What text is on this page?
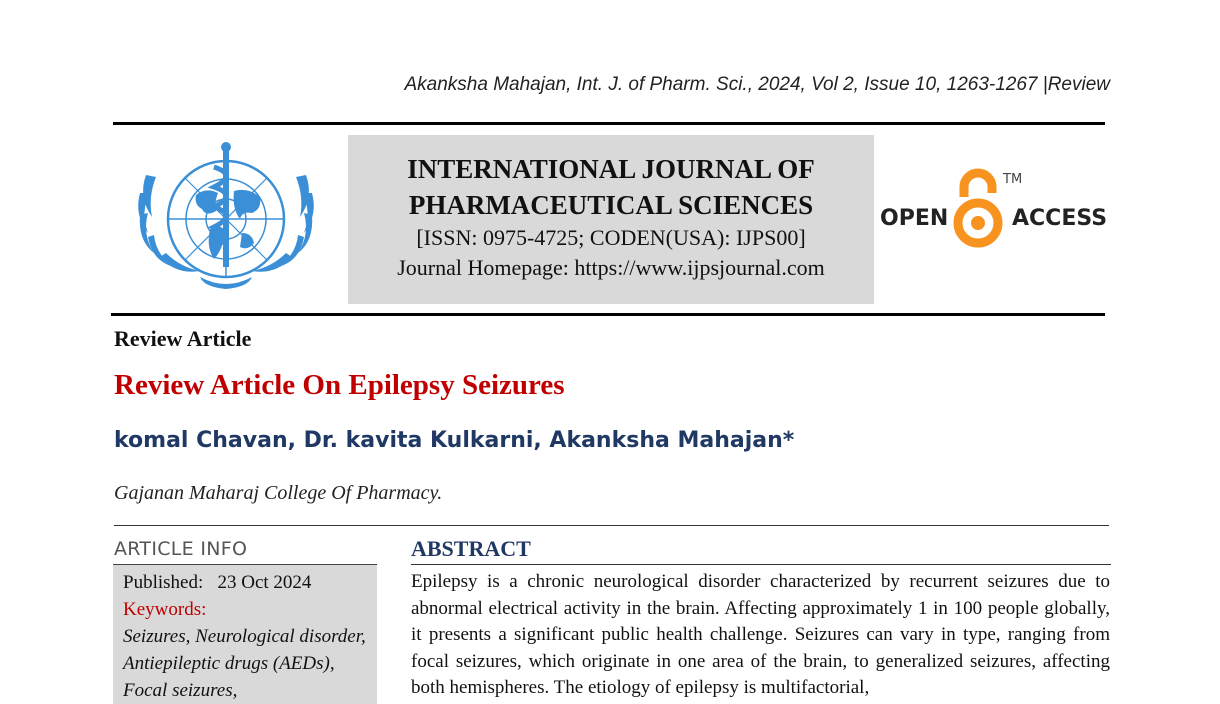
Akanksha Mahajan, Int. J. of Pharm. Sci., 2024, Vol 2, Issue 10, 1263-1267 |Review
INTERNATIONAL JOURNAL OF
PHARMACEUTICAL SCIENCES
[ISSN: 0975-4725; CODEN(USA): IJPS00]
Journal Homepage: https://www.ijpsjournal.com
OPEN
TM
ACCESS
Review Article
Review Article On Epilepsy Seizures
komal Chavan, Dr. kavita Kulkarni, Akanksha Mahajan*
Gajanan Maharaj College Of Pharmacy.
ARTICLE INFO
Published: 23 Oct 2024
Keywords:
Seizures, Neurological disorder, Antiepileptic drugs (AEDs), Focal seizures,
ABSTRACT
Epilepsy is a chronic neurological disorder characterized by recurrent seizures due to abnormal electrical activity in the brain. Affecting approximately 1 in 100 people globally, it presents a significant public health challenge. Seizures can vary in type, ranging from focal seizures, which originate in one area of the brain, to generalized seizures, affecting both hemispheres. The etiology of epilepsy is multifactorial,
